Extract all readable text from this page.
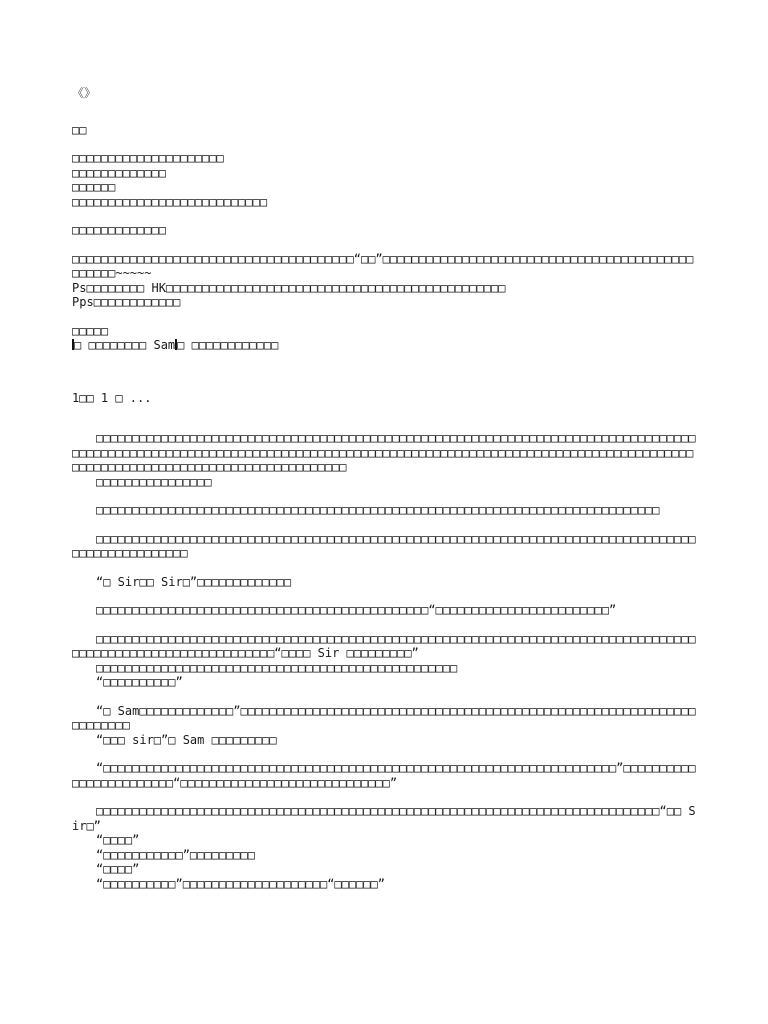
《》
□□
□□□□□□□□□□□□□□□□□□□□□
□□□□□□□□□□□□□
□□□□□□
□□□□□□□□□□□□□□□□□□□□□□□□□□□
□□□□□□□□□□□□□
□□□□□□□□□□□□□□□□□□□□□□□□□□□□□□□□□□□□□□□“□□”□□□□□□□□□□□□□□□□□□□□□□□□□□□□□□□□□□□□□□□□□□□□□□□□□~~~~~
Ps□□□□□□□□ HK□□□□□□□□□□□□□□□□□□□□□□□□□□□□□□□□□□□□□□□□□□□□□□□
Pps□□□□□□□□□□□□
□□□□□
□ □□□□□□□□ Sam □ □□□□□□□□□□□□
1□□ 1 □ ...
□□□□□□□□□□□□□□□□□□□□□□□□□□□□□□□□□□□□□□□□□□□□□□□□□□□□□□□□□□□□□□□□□□□□□□□□□□□□□□□□□□□□□□□□□□□□□□□□□□□□□□□□□□□□□□□□□□□□□□□□□□□□□□□□□□□□□□□□□□□□□□□□□□□□□□□□□□□□□□□□□□□□□□□□□□□□□□□□□□□□□□□□□□□□□□□□□□□□□□□□□□□□□□□
□□□□□□□□□□□□□□□□
□□□□□□□□□□□□□□□□□□□□□□□□□□□□□□□□□□□□□□□□□□□□□□□□□□□□□□□□□□□□□□□□□□□□□□□□□□□□□□
□□□□□□□□□□□□□□□□□□□□□□□□□□□□□□□□□□□□□□□□□□□□□□□□□□□□□□□□□□□□□□□□□□□□□□□□□□□□□□□□□□□□□□□□□□□□□□□□□□□
“□ Sir□□ Sir□”□□□□□□□□□□□□□
□□□□□□□□□□□□□□□□□□□□□□□□□□□□□□□□□□□□□□□□□□□□□□“□□□□□□□□□□□□□□□□□□□□□□□□”
□□□□□□□□□□□□□□□□□□□□□□□□□□□□□□□□□□□□□□□□□□□□□□□□□□□□□□□□□□□□□□□□□□□□□□□□□□□□□□□□□□□□□□□□□□□□□□□□□□□□□□□□□□□□□□□“□□□□ Sir □□□□□□□□□”
□□□□□□□□□□□□□□□□□□□□□□□□□□□□□□□□□□□□□□□□□□□□□□□□□□
“□□□□□□□□□□”
“□ Sam□□□□□□□□□□□□□”□□□□□□□□□□□□□□□□□□□□□□□□□□□□□□□□□□□□□□□□□□□□□□□□□□□□□□□□□□□□□□□□□□□□□□□
“□□□ sir□”□ Sam □□□□□□□□□
“□□□□□□□□□□□□□□□□□□□□□□□□□□□□□□□□□□□□□□□□□□□□□□□□□□□□□□□□□□□□□□□□□□□□□□□”□□□□□□□□□□□□□□□□□□□□□□□□“□□□□□□□□□□□□□□□□□□□□□□□□□□□□□”
□□□□□□□□□□□□□□□□□□□□□□□□□□□□□□□□□□□□□□□□□□□□□□□□□□□□□□□□□□□□□□□□□□□□□□□□□□□□□□“□□ Sir□”
“□□□□”
“□□□□□□□□□□□”□□□□□□□□□
“□□□□”
“□□□□□□□□□□”□□□□□□□□□□□□□□□□□□□□“□□□□□□”
